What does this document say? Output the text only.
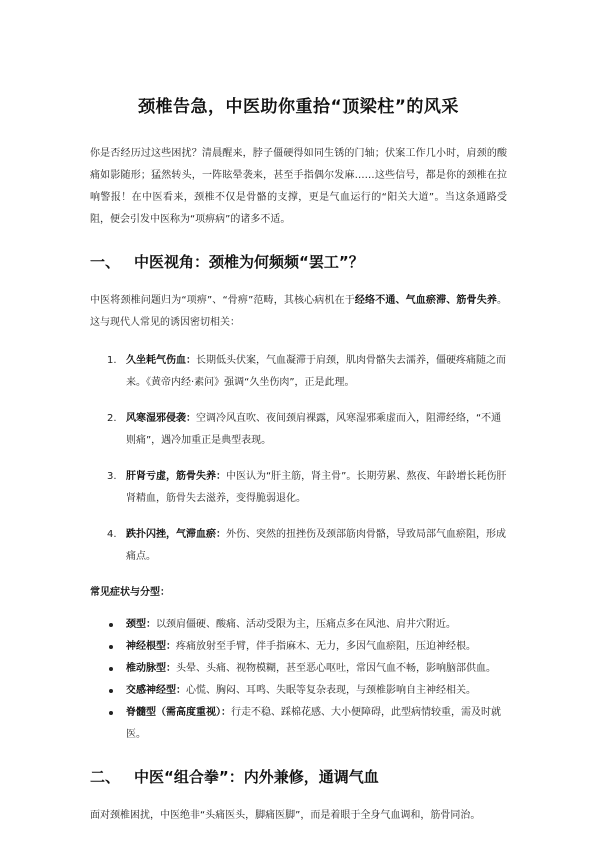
颈椎告急，中医助你重拾“顶梁柱”的风采

你是否经历过这些困扰？清晨醒来，脖子僵硬得如同生锈的门轴；伏案工作几小时，肩颈的酸痛如影随形；猛然转头，一阵眩晕袭来，甚至手指偶尔发麻……这些信号，都是你的颈椎在拉响警报！在中医看来，颈椎不仅是骨骼的支撑，更是气血运行的“阳关大道”。当这条通路受阻，便会引发中医称为“项痹病”的诸多不适。

一、 中医视角：颈椎为何频频“罢工”？

中医将颈椎问题归为“项痹”、“骨痹”范畴，其核心病机在于经络不通、气血瘀滞、筋骨失养。这与现代人常见的诱因密切相关：

1. 久坐耗气伤血：长期低头伏案，气血凝滞于肩颈，肌肉骨骼失去濡养，僵硬疼痛随之而来。《黄帝内经·素问》强调“久坐伤肉”，正是此理。
2. 风寒湿邪侵袭：空调冷风直吹、夜间颈肩裸露，风寒湿邪乘虚而入，阻滞经络，“不通则痛”，遇冷加重正是典型表现。
3. 肝肾亏虚，筋骨失养：中医认为“肝主筋，肾主骨”。长期劳累、熬夜、年龄增长耗伤肝肾精血，筋骨失去滋养，变得脆弱退化。
4. 跌扑闪挫，气滞血瘀：外伤、突然的扭挫伤及颈部筋肉骨骼，导致局部气血瘀阻，形成痛点。

常见症状与分型：

颈型：以颈肩僵硬、酸痛、活动受限为主，压痛点多在风池、肩井穴附近。
神经根型：疼痛放射至手臂，伴手指麻木、无力，多因气血瘀阻，压迫神经根。
椎动脉型：头晕、头痛、视物模糊，甚至恶心呕吐，常因气血不畅，影响脑部供血。
交感神经型：心慌、胸闷、耳鸣、失眠等复杂表现，与颈椎影响自主神经相关。
脊髓型（需高度重视）：行走不稳、踩棉花感、大小便障碍，此型病情较重，需及时就医。
二、 中医“组合拳”：内外兼修，通调气血

面对颈椎困扰，中医绝非“头痛医头，脚痛医脚”，而是着眼于全身气血调和，筋骨同治。
